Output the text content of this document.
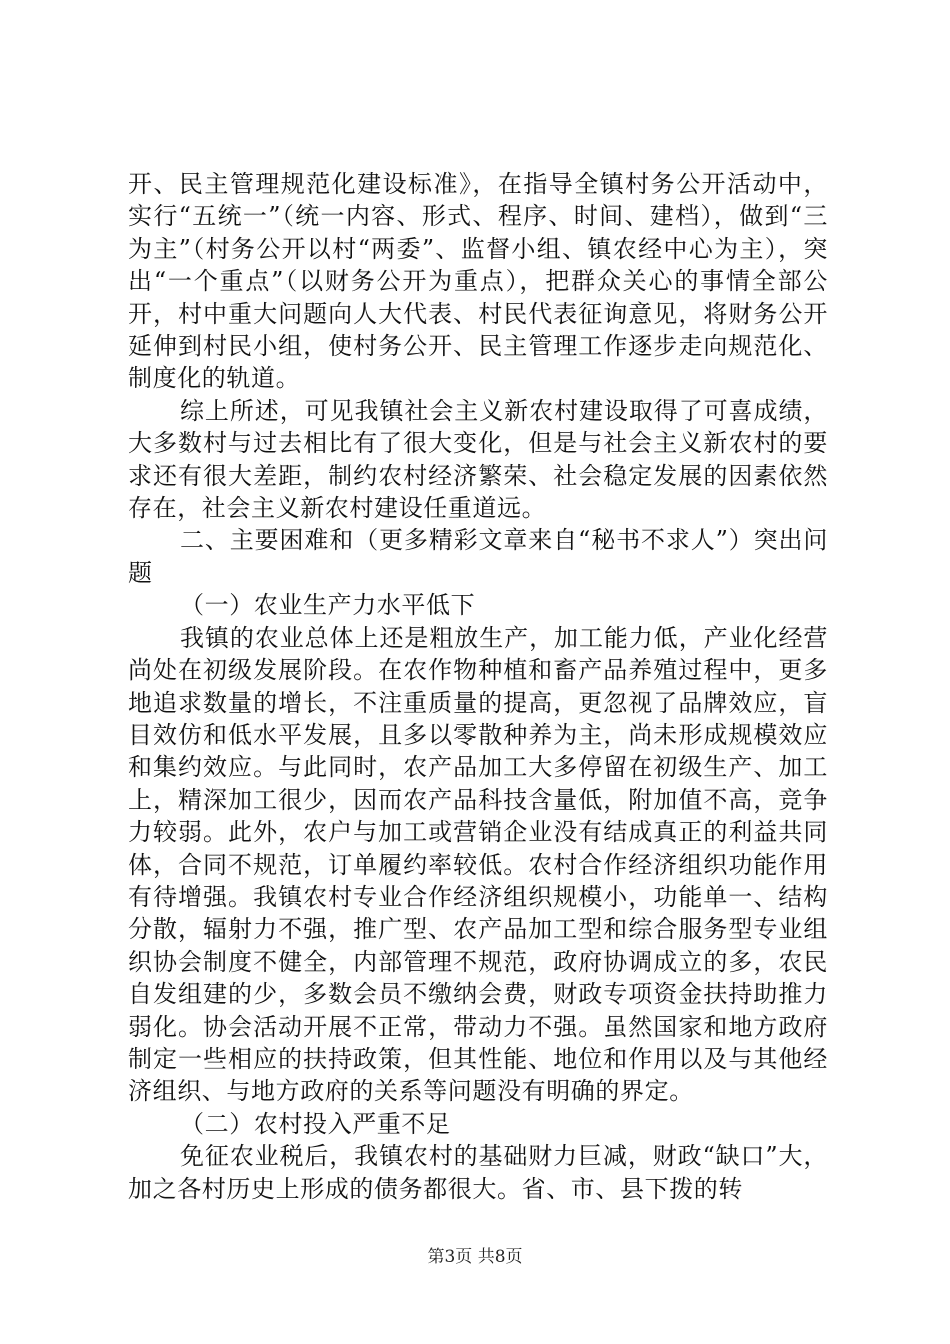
开、民主管理规范化建设标准》，在指导全镇村务公开活动中，实行“五统一”（统一内容、形式、程序、时间、建档），做到“三为主”（村务公开以村“两委”、监督小组、镇农经中心为主），突出“一个重点”（以财务公开为重点），把群众关心的事情全部公开，村中重大问题向人大代表、村民代表征询意见，将财务公开延伸到村民小组，使村务公开、民主管理工作逐步走向规范化、制度化的轨道。

综上所述，可见我镇社会主义新农村建设取得了可喜成绩，大多数村与过去相比有了很大变化，但是与社会主义新农村的要求还有很大差距，制约农村经济繁荣、社会稳定发展的因素依然存在，社会主义新农村建设任重道远。

二、主要困难和（更多精彩文章来自“秘书不求人”）突出问题

（一）农业生产力水平低下

我镇的农业总体上还是粗放生产，加工能力低，产业化经营尚处在初级发展阶段。在农作物种植和畜产品养殖过程中，更多地追求数量的增长，不注重质量的提高，更忽视了品牌效应，盲目效仿和低水平发展，且多以零散种养为主，尚未形成规模效应和集约效应。与此同时，农产品加工大多停留在初级生产、加工上，精深加工很少，因而农产品科技含量低，附加值不高，竞争力较弱。此外，农户与加工或营销企业没有结成真正的利益共同体，合同不规范，订单履约率较低。农村合作经济组织功能作用有待增强。我镇农村专业合作经济组织规模小，功能单一、结构分散，辐射力不强，推广型、农产品加工型和综合服务型专业组织协会制度不健全，内部管理不规范，政府协调成立的多，农民自发组建的少，多数会员不缴纳会费，财政专项资金扶持助推力弱化。协会活动开展不正常，带动力不强。虽然国家和地方政府制定一些相应的扶持政策，但其性能、地位和作用以及与其他经济组织、与地方政府的关系等问题没有明确的界定。

（二）农村投入严重不足

免征农业税后，我镇农村的基础财力巨减，财政“缺口”大，加之各村历史上形成的债务都很大。省、市、县下拨的转

第3页 共8页
